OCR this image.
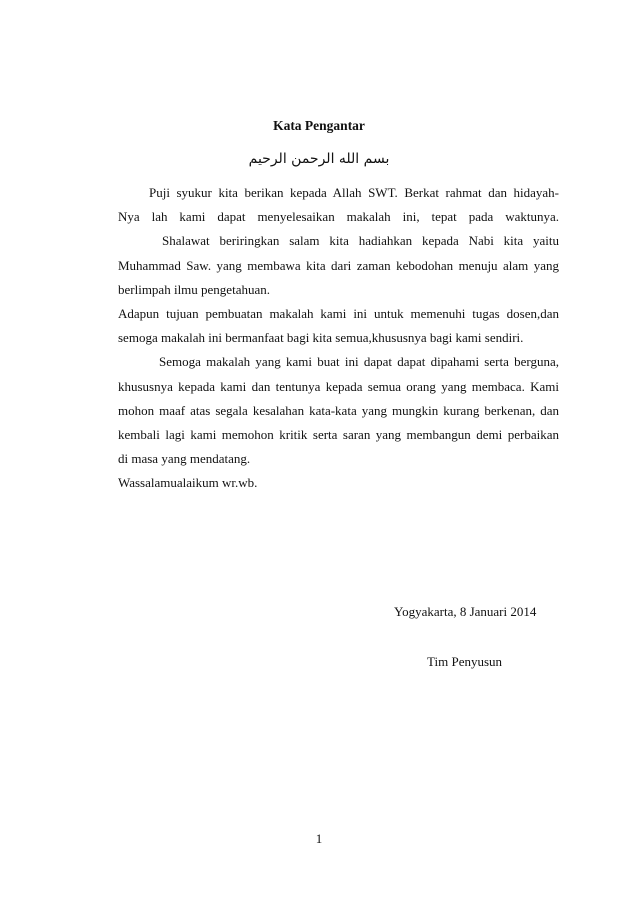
Kata Pengantar
بسم الله الرحمن الرحيم
Puji syukur kita berikan kepada Allah SWT. Berkat rahmat dan hidayah-
Nya lah kami dapat menyelesaikan makalah ini, tepat pada waktunya.
Shalawat beriringkan salam kita hadiahkan kepada Nabi kita yaitu
Muhammad Saw. yang membawa kita dari zaman kebodohan menuju alam yang
berlimpah ilmu pengetahuan.
Adapun tujuan pembuatan makalah kami ini untuk memenuhi tugas dosen,dan
semoga makalah ini bermanfaat bagi kita semua,khususnya bagi kami sendiri.
Semoga makalah yang kami buat ini dapat dapat dipahami serta berguna,
khususnya kepada kami dan tentunya kepada semua orang yang membaca. Kami
mohon maaf atas segala kesalahan kata-kata yang mungkin kurang berkenan, dan
kembali lagi kami memohon kritik serta saran yang membangun demi perbaikan
di masa yang mendatang.
Wassalamualaikum wr.wb.
Yogyakarta, 8 Januari 2014
Tim Penyusun
1
